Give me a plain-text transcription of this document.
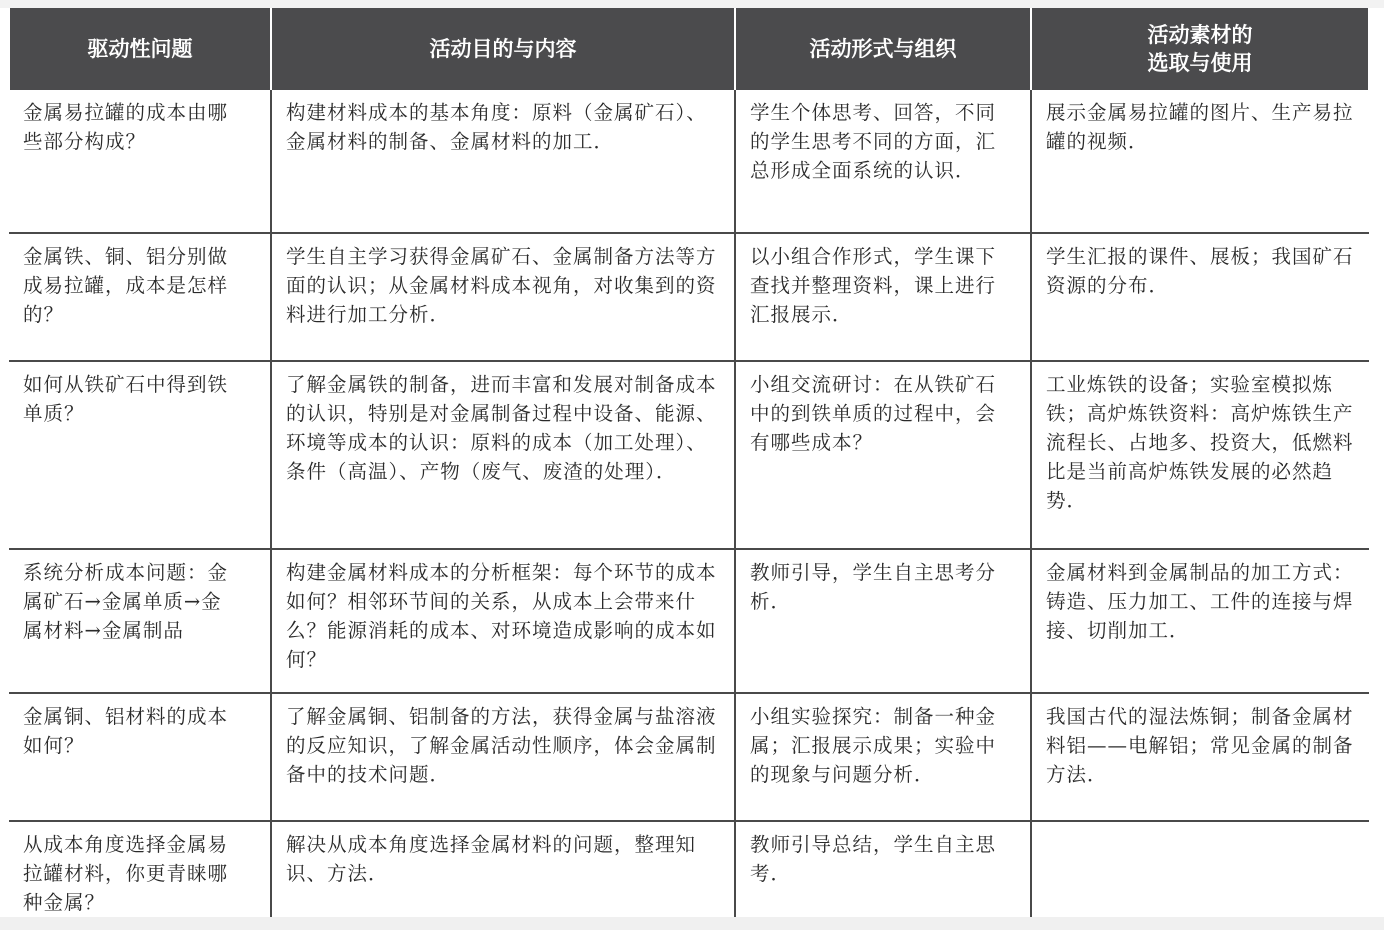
驱动性问题	活动目的与内容	活动形式与组织	活动素材的
选取与使用
金属易拉罐的成本由哪些部分构成？	构建材料成本的基本角度：原料（金属矿石）、金属材料的制备、金属材料的加工．	学生个体思考、回答，不同的学生思考不同的方面，汇总形成全面系统的认识．	展示金属易拉罐的图片、生产易拉罐的视频．
金属铁、铜、铝分别做成易拉罐，成本是怎样的？	学生自主学习获得金属矿石、金属制备方法等方面的认识；从金属材料成本视角，对收集到的资料进行加工分析．	以小组合作形式，学生课下查找并整理资料，课上进行汇报展示．	学生汇报的课件、展板；我国矿石资源的分布．
如何从铁矿石中得到铁单质？	了解金属铁的制备，进而丰富和发展对制备成本的认识，特别是对金属制备过程中设备、能源、环境等成本的认识：原料的成本（加工处理）、条件（高温）、产物（废气、废渣的处理）．	小组交流研讨：在从铁矿石中的到铁单质的过程中，会有哪些成本？	工业炼铁的设备；实验室模拟炼铁；高炉炼铁资料：高炉炼铁生产流程长、占地多、投资大，低燃料比是当前高炉炼铁发展的必然趋势．
系统分析成本问题：金属矿石→金属单质→金属材料→金属制品	构建金属材料成本的分析框架：每个环节的成本如何？相邻环节间的关系，从成本上会带来什么？能源消耗的成本、对环境造成影响的成本如何？	教师引导，学生自主思考分析．	金属材料到金属制品的加工方式：铸造、压力加工、工件的连接与焊接、切削加工．
金属铜、铝材料的成本如何？	了解金属铜、铝制备的方法，获得金属与盐溶液的反应知识，了解金属活动性顺序，体会金属制备中的技术问题．	小组实验探究：制备一种金属；汇报展示成果；实验中的现象与问题分析．	我国古代的湿法炼铜；制备金属材料铝——电解铝；常见金属的制备方法．
从成本角度选择金属易拉罐材料，你更青睐哪种金属？	解决从成本角度选择金属材料的问题，整理知识、方法．	教师引导总结，学生自主思考．	
